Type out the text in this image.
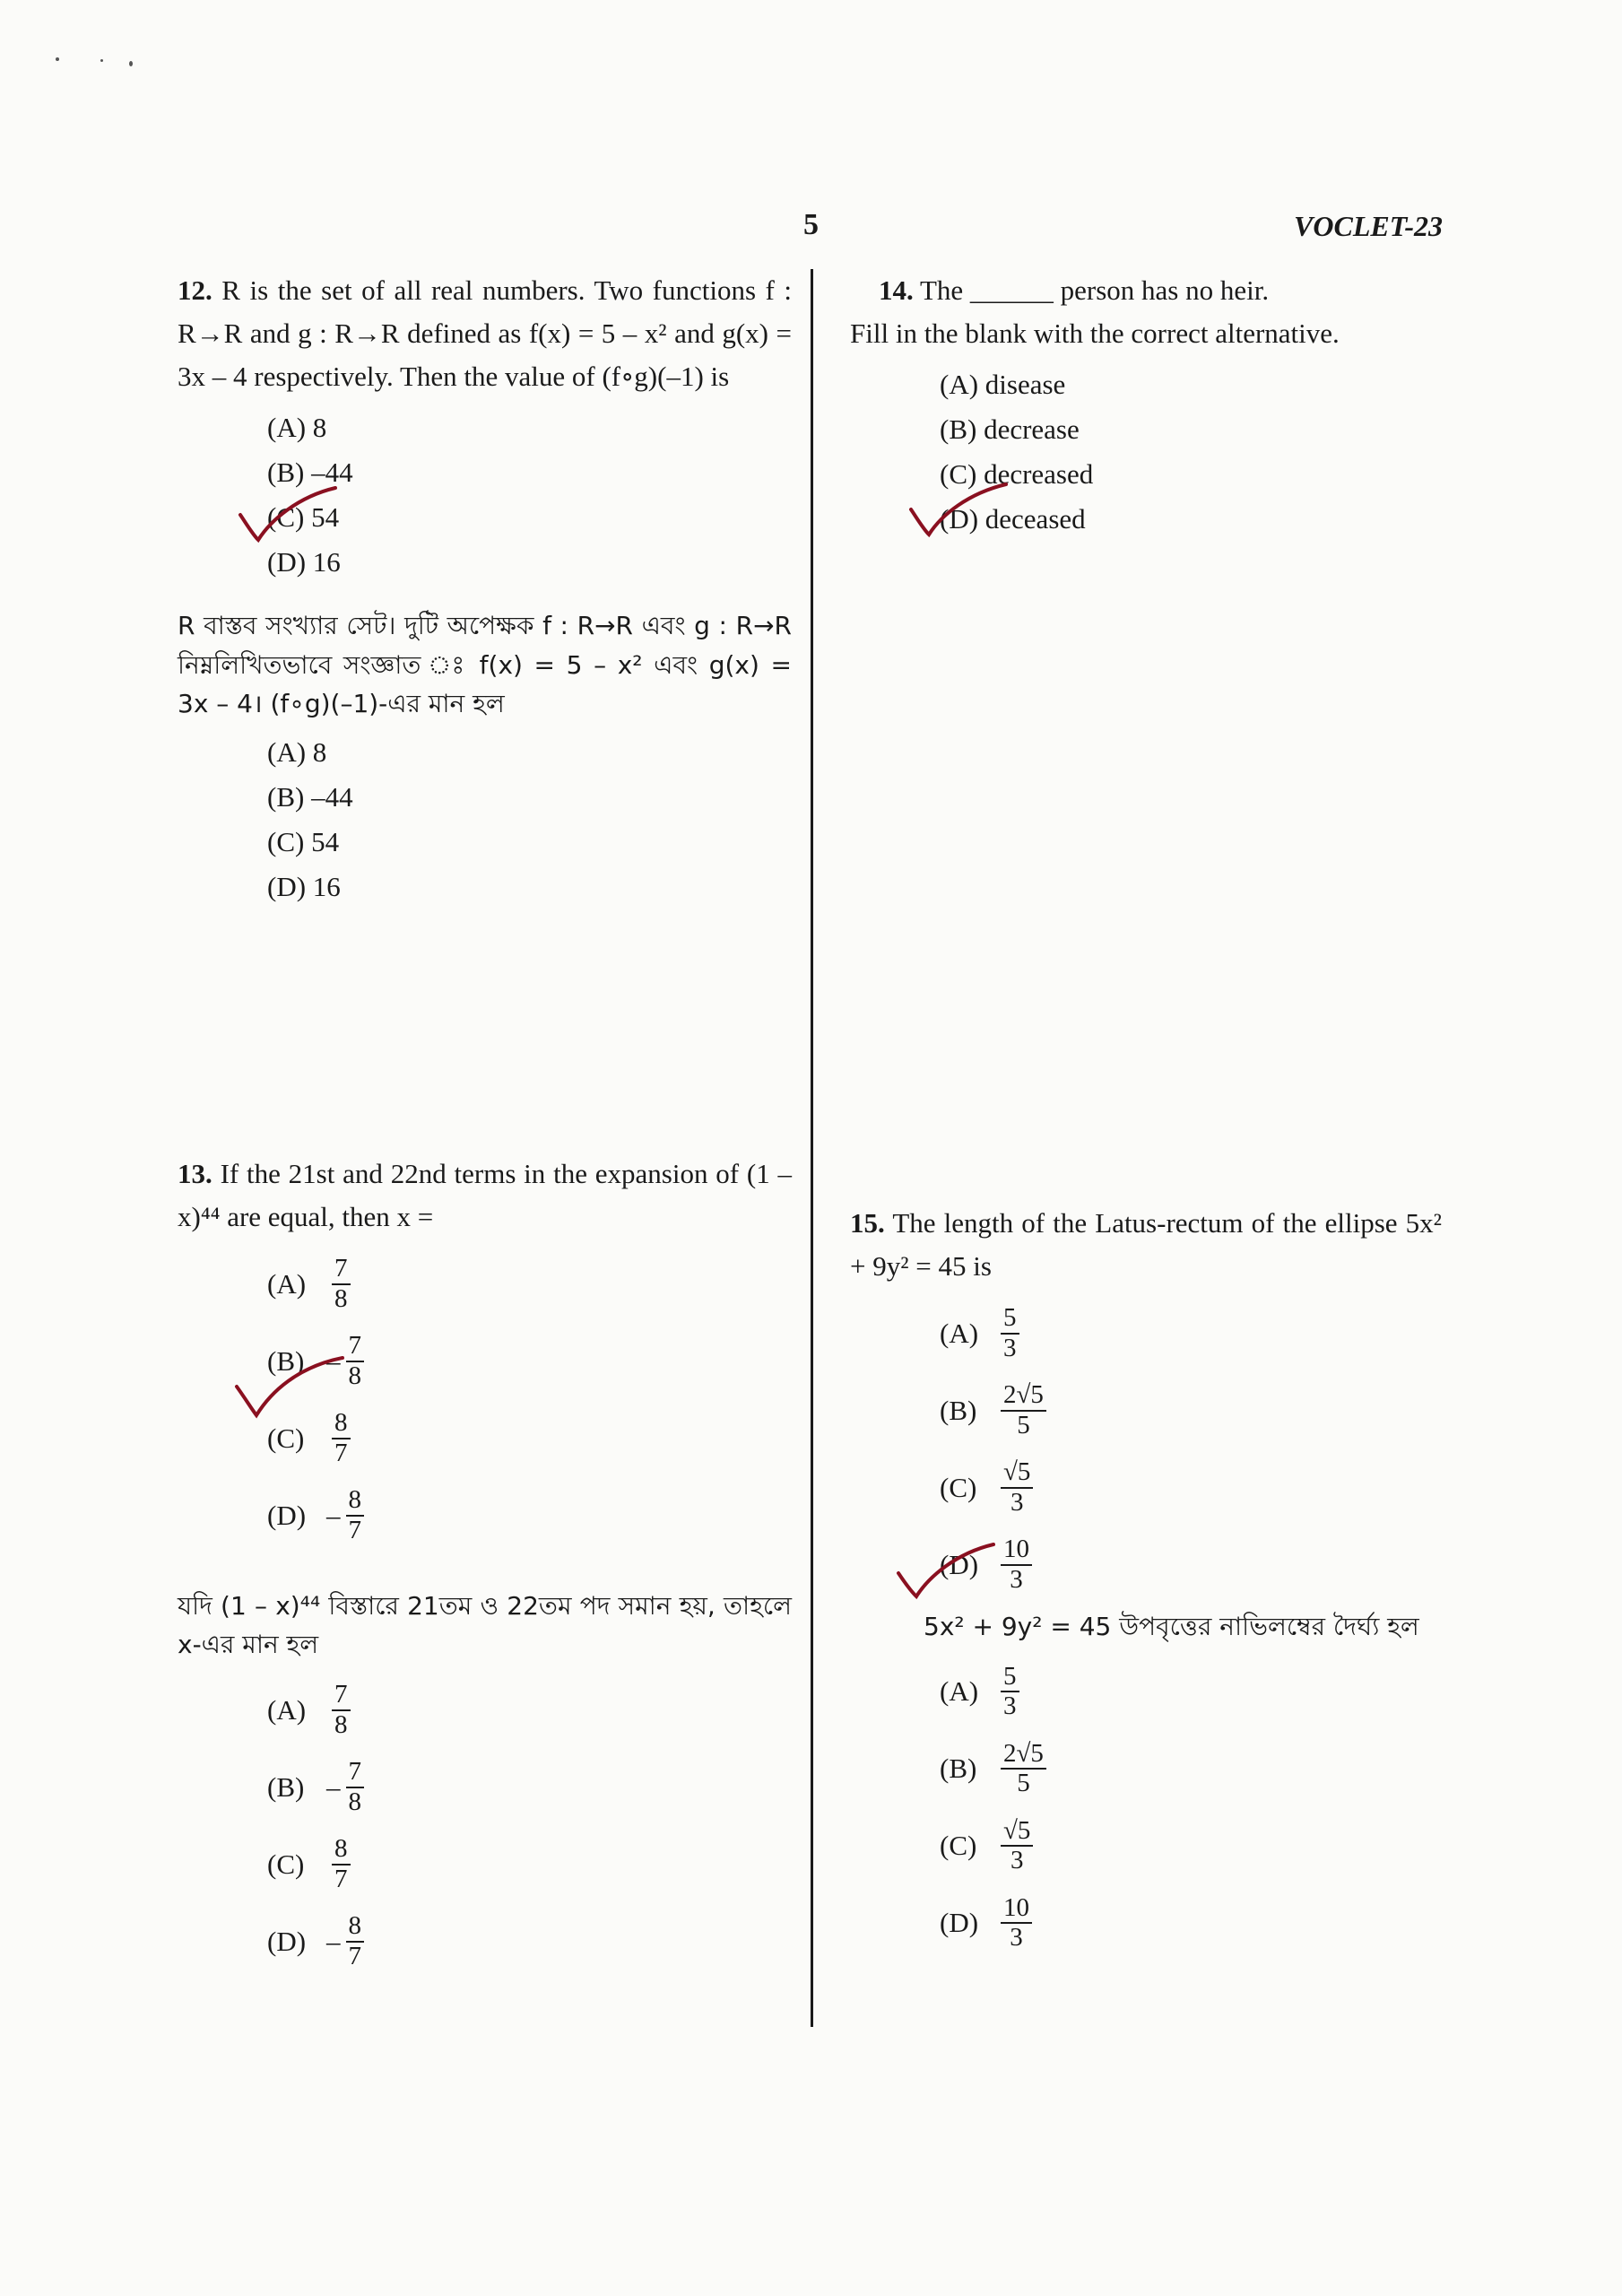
5	VOCLET-23

12. R is the set of all real numbers. Two functions f : R→R and g : R→R defined as f(x) = 5 – x² and g(x) = 3x – 4 respectively. Then the value of (f∘g)(–1) is

(A) 8
(B) –44
(C) 54
(D) 16

R বাস্তব সংখ্যার সেট। দুটি অপেক্ষক f : R→R এবং g : R→R নিম্নলিখিতভাবে সংজ্ঞাত ঃ f(x) = 5 – x² এবং g(x) = 3x – 4। (f∘g)(–1)-এর মান হল

(A) 8
(B) –44
(C) 54
(D) 16

13. If the 21st and 22nd terms in the expansion of (1 – x)⁴⁴ are equal, then x =

$(A) \frac{7}{8}$
$(B) - \frac{7}{8}$
(C)	$\frac{8}{7}$
$(D) - \frac{8}{7}$

যদি (1 – x)⁴⁴ বিস্তারে 21তম ও 22তম পদ সমান হয়, তাহলে x-এর মান হল

$(A) \frac{7}{8}$
$(B) - \frac{7}{8}$
(C)	$\frac{8}{7}$
$(D) - \frac{8}{7}$

14. The ______ person has no heir.

Fill in the blank with the correct alternative.

(A) disease
(B) decrease
(C) decreased
(D) deceased

15. The length of the Latus-rectum of the ellipse 5x² + 9y² = 45 is

$(A) \frac{5}{3}$
$(B) \frac{2√5}{5}$
$(C) \frac{√5}{3}$
$(D) \frac{10}{3}$

5x² + 9y² = 45 উপবৃত্তের নাভিলম্বের দৈর্ঘ্য হল

$(A) \frac{5}{3}$
$(B) \frac{2√5}{5}$
$(C) \frac{√5}{3}$
$(D) \frac{10}{3}$
